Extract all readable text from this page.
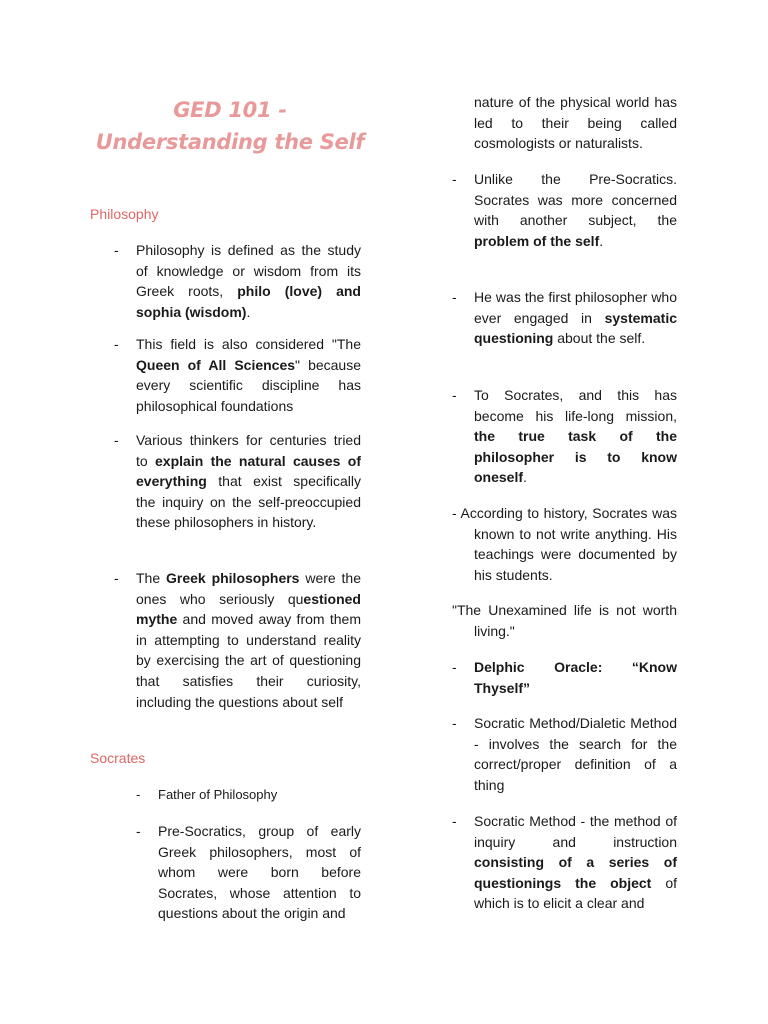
GED 101 -
Understanding the Self
Philosophy
- Philosophy is defined as the study of knowledge or wisdom from its Greek roots, philo (love) and sophia (wisdom).
- This field is also considered "The Queen of All Sciences" because every scientific discipline has philosophical foundations
- Various thinkers for centuries tried to explain the natural causes of everything that exist specifically the inquiry on the self-preoccupied these philosophers in history.
- The Greek philosophers were the ones who seriously questioned mythe and moved away from them in attempting to understand reality by exercising the art of questioning that satisfies their curiosity, including the questions about self
Socrates
- Father of Philosophy
- Pre-Socratics, group of early Greek philosophers, most of whom were born before Socrates, whose attention to questions about the origin and
nature of the physical world has led to their being called cosmologists or naturalists.
- Unlike the Pre-Socratics. Socrates was more concerned with another subject, the problem of the self.
- He was the first philosopher who ever engaged in systematic questioning about the self.
- To Socrates, and this has become his life-long mission, the true task of the philosopher is to know oneself.
- According to history, Socrates was known to not write anything. His teachings were documented by his students.
"The Unexamined life is not worth living."
- Delphic Oracle: “Know Thyself”
- Socratic Method/Dialetic Method - involves the search for the correct/proper definition of a thing
- Socratic Method - the method of inquiry and instruction consisting of a series of questionings the object of which is to elicit a clear and
